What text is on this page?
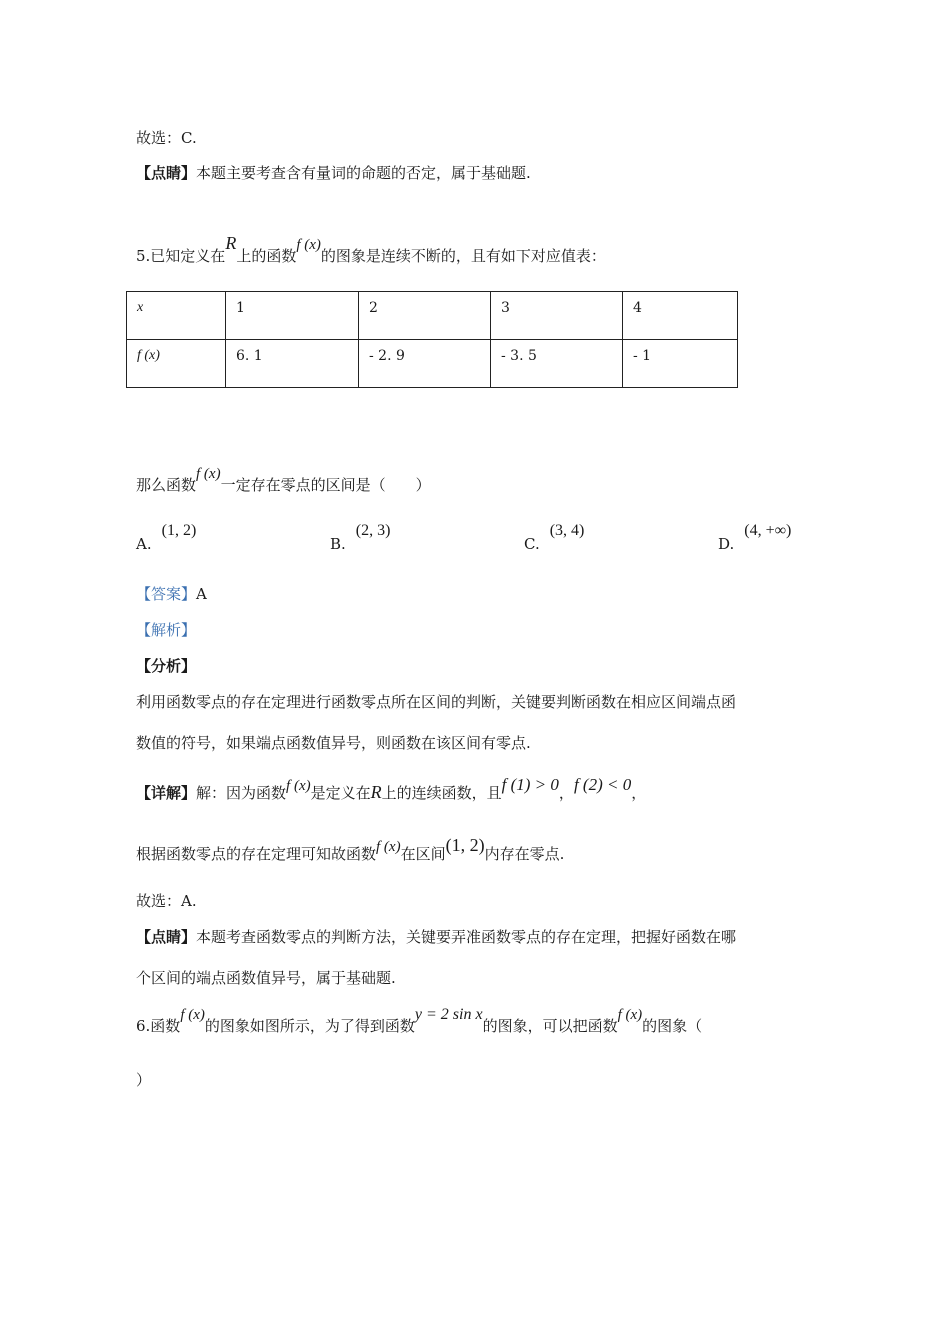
故选：C.
【点睛】本题主要考查含有量词的命题的否定，属于基础题.
5.已知定义在R上的函数f (x)的图象是连续不断的，且有如下对应值表：
x	1	2	3	4
f (x)	6. 1	- 2. 9	- 3. 5	- 1
那么函数f (x)一定存在零点的区间是（　　）
A.(1, 2)
B.(2, 3)
C.(3, 4)
D.(4, +∞)
【答案】A
【解析】
【分析】
利用函数零点的存在定理进行函数零点所在区间的判断，关键要判断函数在相应区间端点函
数值的符号，如果端点函数值异号，则函数在该区间有零点.
【详解】解：因为函数f (x)是定义在R上的连续函数，且f (1) > 0，f (2) < 0，
根据函数零点的存在定理可知故函数f (x)在区间(1, 2)内存在零点.
故选：A.
【点睛】本题考查函数零点的判断方法，关键要弄准函数零点的存在定理，把握好函数在哪
个区间的端点函数值异号，属于基础题.
6.函数f (x)的图象如图所示，为了得到函数y = 2 sin x的图象，可以把函数f (x)的图象（
）
